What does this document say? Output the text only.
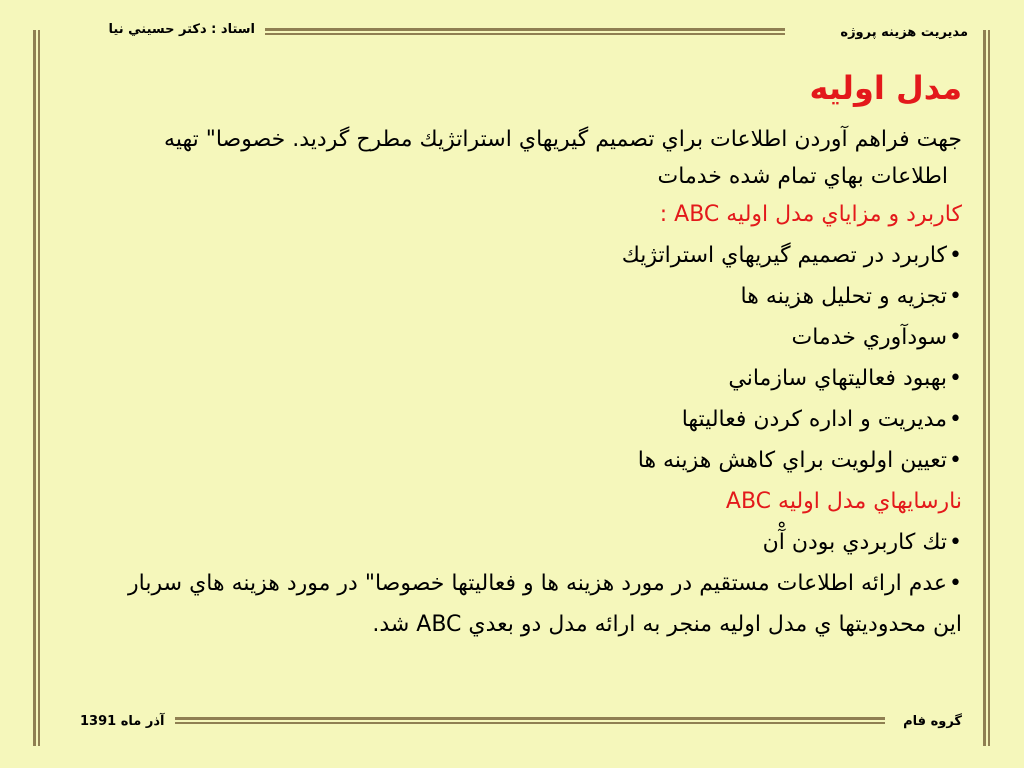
مديريت هزينه پروژه
استاد : دكتر حسيني نيا
مدل اوليه
جهت فراهم آوردن اطلاعات براي تصميم گيريهاي استراتژيك مطرح گرديد. خصوصا" تهيه
اطلاعات بهاي تمام شده خدمات
كاربرد و مزاياي مدل اوليه ABC :
•كاربرد در تصميم گيريهاي استراتژيك
•تجزيه و تحليل هزينه ها
•سودآوري خدمات
•بهبود فعاليتهاي سازماني
•مديريت و اداره كردن فعاليتها
•تعيين اولويت براي كاهش هزينه ها
نارسايهاي مدل اوليه ABC
•تك كاربردي بودن آْن
•عدم ارائه اطلاعات مستقيم در مورد هزينه ها و فعاليتها خصوصا" در مورد هزينه هاي سربار
اين محدوديتها ي مدل اوليه منجر به ارائه مدل دو بعدي ABC شد.
گروه فام
آذر ماه 1391
